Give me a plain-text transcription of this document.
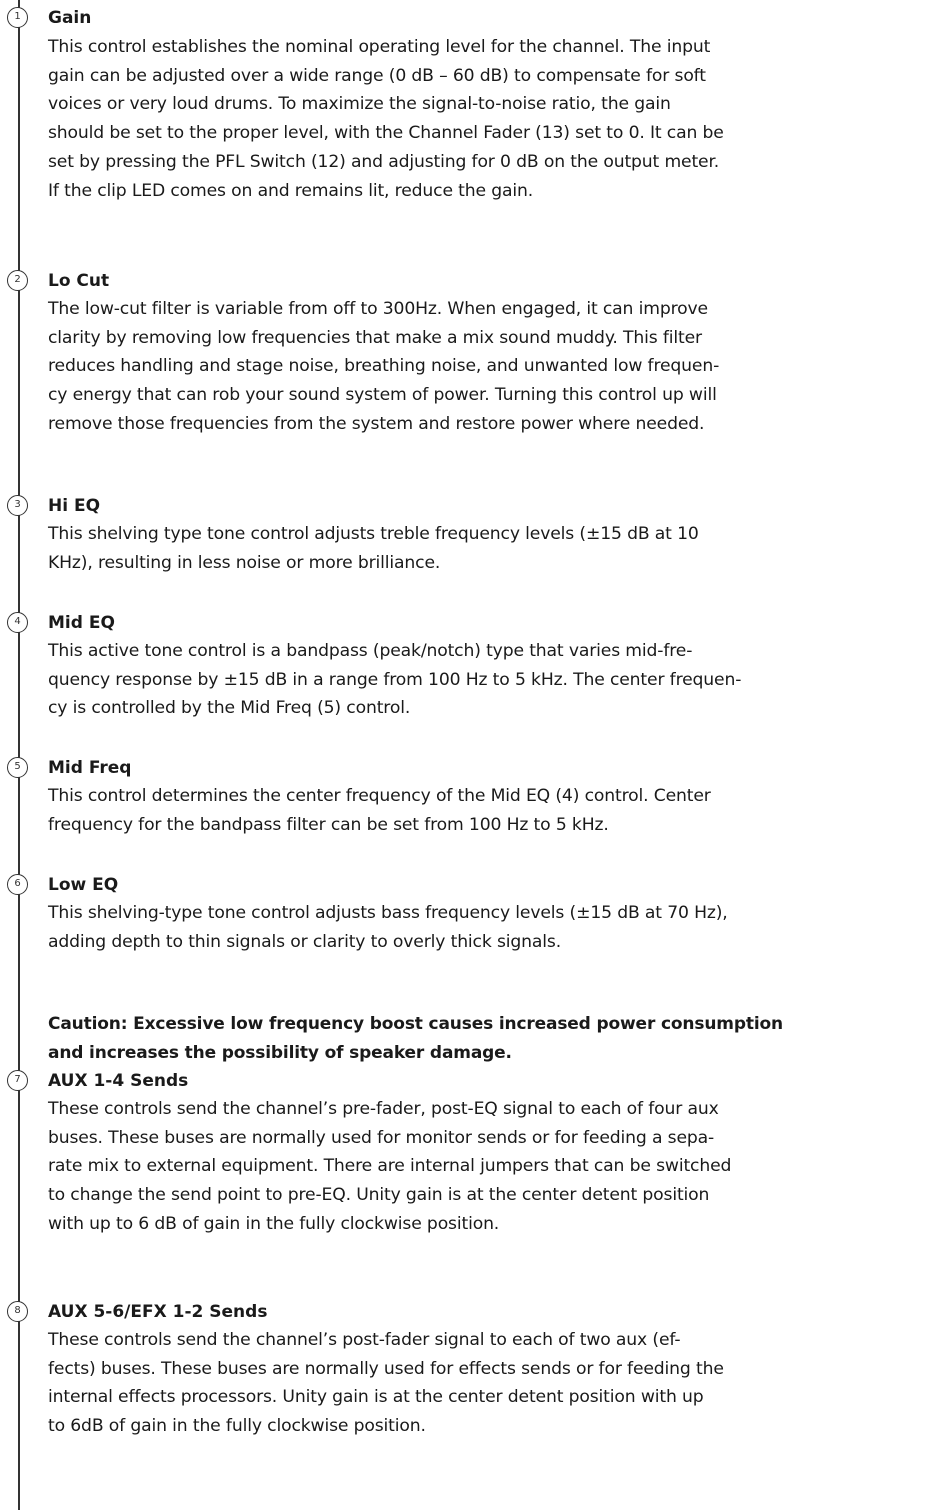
1	Gain
This control establishes the nominal operating level for the channel. The input
gain can be adjusted over a wide range (0 dB – 60 dB) to compensate for soft
voices or very loud drums. To maximize the signal-to-noise ratio, the gain
should be set to the proper level, with the Channel Fader (13) set to 0. It can be
set by pressing the PFL Switch (12) and adjusting for 0 dB on the output meter.
If the clip LED comes on and remains lit, reduce the gain.
2	Lo Cut
The low-cut filter is variable from off to 300Hz. When engaged, it can improve
clarity by removing low frequencies that make a mix sound muddy. This filter
reduces handling and stage noise, breathing noise, and unwanted low frequen-
cy energy that can rob your sound system of power. Turning this control up will
remove those frequencies from the system and restore power where needed.
3	Hi EQ
This shelving type tone control adjusts treble frequency levels (±15 dB at 10
KHz), resulting in less noise or more brilliance.
4	Mid EQ
This active tone control is a bandpass (peak/notch) type that varies mid-fre-
quency response by ±15 dB in a range from 100 Hz to 5 kHz. The center frequen-
cy is controlled by the Mid Freq (5) control.
5	Mid Freq
This control determines the center frequency of the Mid EQ (4) control. Center
frequency for the bandpass filter can be set from 100 Hz to 5 kHz.
6	Low EQ
This shelving-type tone control adjusts bass frequency levels (±15 dB at 70 Hz),
adding depth to thin signals or clarity to overly thick signals.
Caution: Excessive low frequency boost causes increased power consumption
and increases the possibility of speaker damage.
7	AUX 1-4 Sends
These controls send the channel’s pre-fader, post-EQ signal to each of four aux
buses. These buses are normally used for monitor sends or for feeding a sepa-
rate mix to external equipment. There are internal jumpers that can be switched
to change the send point to pre-EQ. Unity gain is at the center detent position
with up to 6 dB of gain in the fully clockwise position.
8	AUX 5-6/EFX 1-2 Sends
These controls send the channel’s post-fader signal to each of two aux (ef-
fects) buses. These buses are normally used for effects sends or for feeding the
internal effects processors. Unity gain is at the center detent position with up
to 6dB of gain in the fully clockwise position.
